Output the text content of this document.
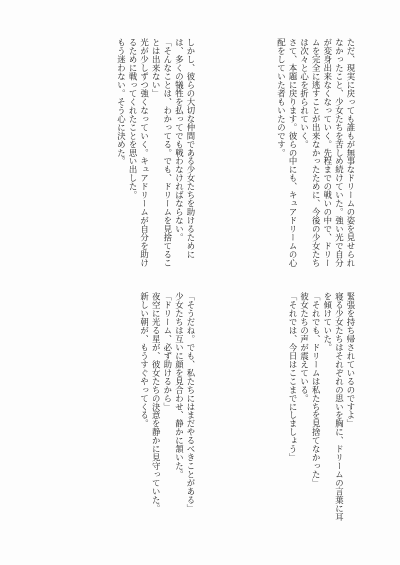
ただ、現実に戻っても誰もが無事なドリームの姿を見せられなかったこと、少女たちを苦しめ続けていた。強い光で自分が変身出来なくなっていく。先程までの戦いの中で、ドリームを完全に逃すことが出来なかったために、今後の少女たちは次々と心を折られていく。
さて、本題に戻ります。彼らの中にも、キュアドリームの心配をしていた者もいたのです。
しかし、彼らの大切な仲間である少女たちを助けるためには、多くの犠牲を払ってでも戦わなければならない。
「そんなことは、わかってる。でも、ドリームを見捨てることは出来ない」
光が少しずつ強くなっていく。キュアドリームが自分を助けるために戦ってくれたことを思い出した。
もう迷わない。そう心に決めた。
緊張を持ち帰されているのですよ」
寝る少女たちはそれぞれの思いを胸に、ドリームの言葉に耳を傾けていた。
「それでも、ドリームは私たちを見捨てなかった」
彼女たちの声が震えている。
「それでは、今日はここまでにしましょう」
「そうだね。でも、私たちにはまだやるべきことがある」
少女たちは互いに顔を見合わせ、静かに頷いた。
「ドリーム、必ず助けるから」
夜空に光る星が、彼女たちの決意を静かに見守っていた。
新しい朝が、もうすぐやってくる。
